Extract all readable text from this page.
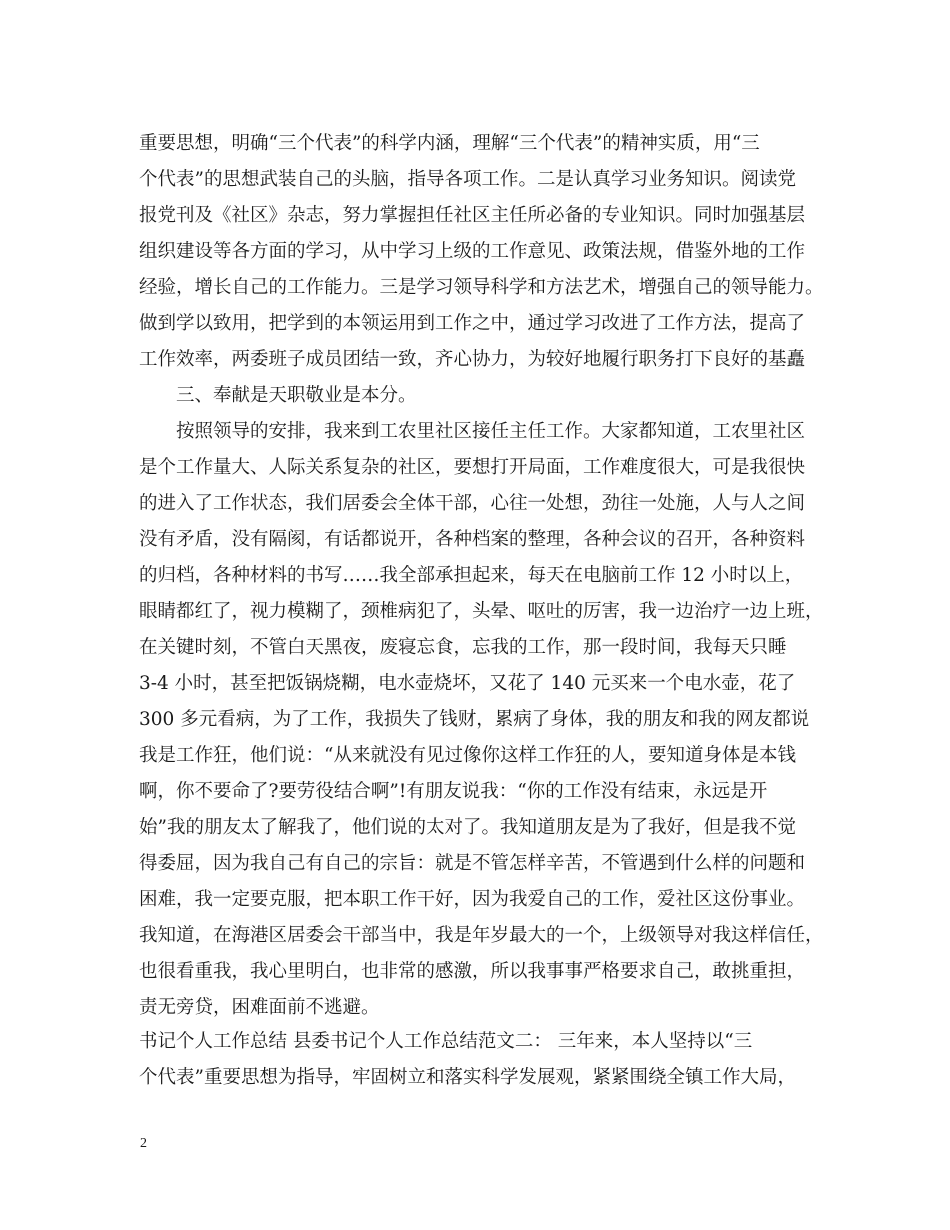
重要思想，明确“三个代表”的科学内涵，理解“三个代表”的精神实质，用“三
个代表”的思想武装自己的头脑，指导各项工作。二是认真学习业务知识。阅读党
报党刊及《社区》杂志，努力掌握担任社区主任所必备的专业知识。同时加强基层
组织建设等各方面的学习，从中学习上级的工作意见、政策法规，借鉴外地的工作
经验，增长自己的工作能力。三是学习领导科学和方法艺术，增强自己的领导能力。
做到学以致用，把学到的本领运用到工作之中，通过学习改进了工作方法，提高了
工作效率，两委班子成员团结一致，齐心协力，为较好地履行职务打下良好的基矗
三、奉献是天职敬业是本分。
按照领导的安排，我来到工农里社区接任主任工作。大家都知道，工农里社区
是个工作量大、人际关系复杂的社区，要想打开局面，工作难度很大，可是我很快
的进入了工作状态，我们居委会全体干部，心往一处想，劲往一处施，人与人之间
没有矛盾，没有隔阂，有话都说开，各种档案的整理，各种会议的召开，各种资料
的归档，各种材料的书写……我全部承担起来，每天在电脑前工作 12 小时以上，
眼睛都红了，视力模糊了，颈椎病犯了，头晕、呕吐的厉害，我一边治疗一边上班，
在关键时刻，不管白天黑夜，废寝忘食，忘我的工作，那一段时间，我每天只睡
3-4 小时，甚至把饭锅烧糊，电水壶烧坏，又花了 140 元买来一个电水壶，花了
300 多元看病，为了工作，我损失了钱财，累病了身体，我的朋友和我的网友都说
我是工作狂，他们说：“从来就没有见过像你这样工作狂的人，要知道身体是本钱
啊，你不要命了?要劳役结合啊”!有朋友说我：“你的工作没有结束，永远是开
始”我的朋友太了解我了，他们说的太对了。我知道朋友是为了我好，但是我不觉
得委屈，因为我自己有自己的宗旨：就是不管怎样辛苦，不管遇到什么样的问题和
困难，我一定要克服，把本职工作干好，因为我爱自己的工作，爱社区这份事业。
我知道，在海港区居委会干部当中，我是年岁最大的一个，上级领导对我这样信任，
也很看重我，我心里明白，也非常的感激，所以我事事严格要求自己，敢挑重担，
责无旁贷，困难面前不逃避。
书记个人工作总结 县委书记个人工作总结范文二： 三年来，本人坚持以“三
个代表”重要思想为指导，牢固树立和落实科学发展观，紧紧围绕全镇工作大局，
2
